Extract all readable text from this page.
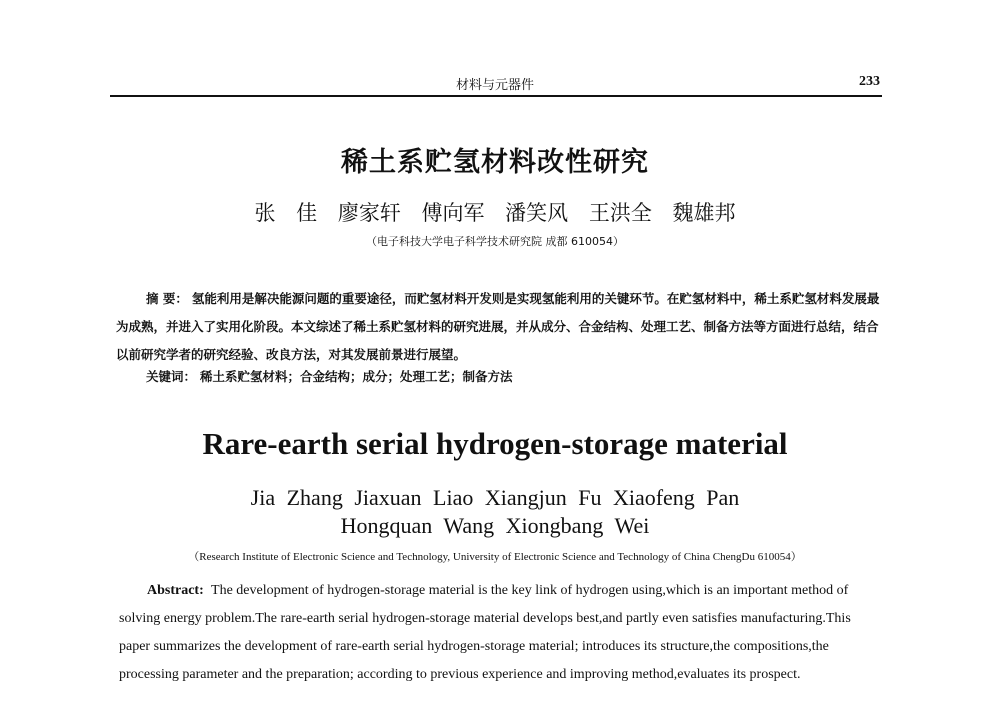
材料与元器件	233
稀土系贮氢材料改性研究
张 佳 廖家轩 傅向军 潘笑风 王洪全 魏雄邦
（电子科技大学电子科学技术研究院 成都 610054）
摘 要： 氢能利用是解决能源问题的重要途径，而贮氢材料开发则是实现氢能利用的关键环节。在贮氢材料中，稀土系贮氢材料发展最为成熟，并进入了实用化阶段。本文综述了稀土系贮氢材料的研究进展，并从成分、合金结构、处理工艺、制备方法等方面进行总结，结合以前研究学者的研究经验、改良方法，对其发展前景进行展望。
关键词： 稀土系贮氢材料；合金结构；成分；处理工艺；制备方法
Rare-earth serial hydrogen-storage material
Jia Zhang Jiaxuan Liao Xiangjun Fu Xiaofeng Pan
Hongquan Wang Xiongbang Wei
（Research Institute of Electronic Science and Technology, University of Electronic Science and Technology of China ChengDu 610054）
Abstract: The development of hydrogen-storage material is the key link of hydrogen using,which is an important method of solving energy problem.The rare-earth serial hydrogen-storage material develops best,and partly even satisfies manufacturing.This paper summarizes the development of rare-earth serial hydrogen-storage material; introduces its structure,the compositions,the processing parameter and the preparation; according to previous experience and improving method,evaluates its prospect.
